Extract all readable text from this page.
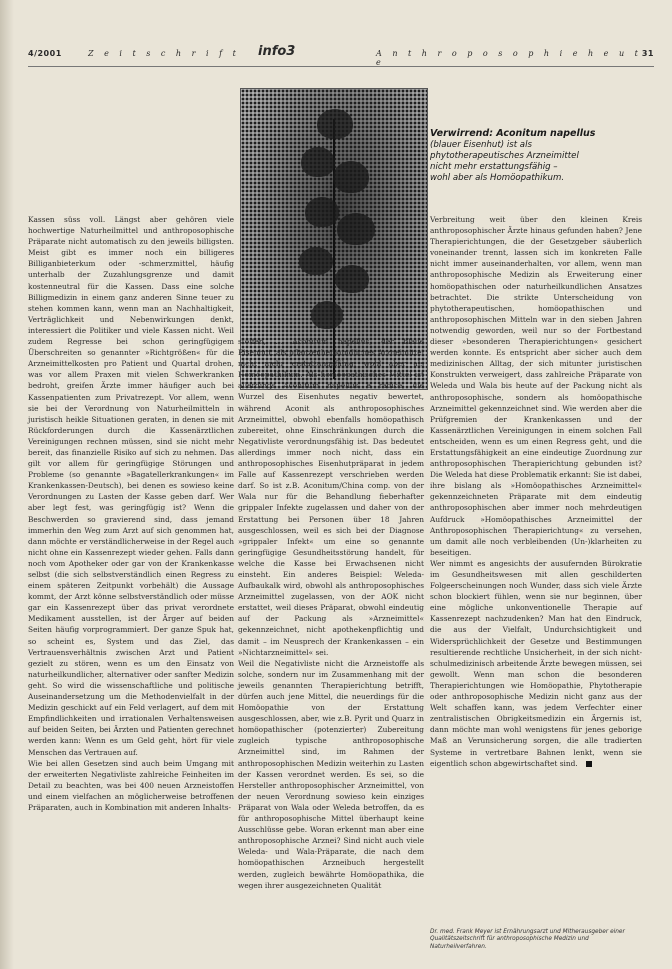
4/2001	Z e i t s c h r i f t info3	A n t h r o p o s o p h i e h e u t e
31
Verwirrend: Aconitum napellus
(blauer Eisenhut) ist als
phytotherapeutisches Arzneimittel
nicht mehr erstattungsfähig –
wohl aber als Homöopathikum.

Kassen süss voll. Längst aber gehören viele hochwertige Naturheilmittel und anthroposophische Präparate nicht automatisch zu den jeweils billigsten. Meist gibt es immer noch ein billigeres Billiganbieterkum oder -schmerzmittel, häufig unterhalb der Zuzahlungsgrenze und damit kostenneutral für die Kassen. Dass eine solche Billigmedizin in einem ganz anderen Sinne teuer zu stehen kommen kann, wenn man an Nachhaltigkeit, Verträglichkeit und Nebenwirkungen denkt, interessiert die Politiker und viele Kassen nicht. Weil zudem Regresse bei schon geringfügigem Überschreiten so genannter »Richtgrößen« für die Arzneimittelkosten pro Patient und Quartal drohen, was vor allem Praxen mit vielen Schwerkranken bedroht, greifen Ärzte immer häufiger auch bei Kassenpatienten zum Privatrezept. Vor allem, wenn sie bei der Verordnung von Naturheilmitteln in juristisch heikle Situationen geraten, in denen sie mit Rückforderungen durch die Kassenärztlichen Vereinigungen rechnen müssen, sind sie nicht mehr bereit, das finanzielle Risiko auf sich zu nehmen. Das gilt vor allem für geringfügige Störungen und Probleme (so genannte »Bagatellerkrankungen« im Krankenkassen-Deutsch), bei denen es sowieso keine Verordnungen zu Lasten der Kasse geben darf. Wer aber legt fest, was geringfügig ist? Wenn die Beschwerden so gravierend sind, dass jemand immerhin den Weg zum Arzt auf sich genommen hat, dann möchte er verständlicherweise in der Regel auch nicht ohne ein Kassenrezept wieder gehen. Falls dann noch vom Apotheker oder gar von der Krankenkasse selbst (die sich selbstverständlich einen Regress zu einem späteren Zeitpunkt vorbehält) die Aussage kommt, der Arzt könne selbstverständlich oder müsse gar ein Kassenrezept über das privat verordnete Medikament ausstellen, ist der Ärger auf beiden Seiten häufig vorprogrammiert. Der ganze Spuk hat, so scheint es, System und das Ziel, das Vertrauensverhältnis zwischen Arzt und Patient gezielt zu stören, wenn es um den Einsatz von naturheilkundlicher, alternativer oder sanfter Medizin geht. So wird die wissenschaftliche und politische Auseinandersetzung um die Methodenvielfalt in der Medizin geschickt auf ein Feld verlagert, auf dem mit Empfindlichkeiten und irrationalen Verhaltensweisen auf beiden Seiten, bei Ärzten und Patienten gerechnet werden kann: Wenn es um Geld geht, hört für viele Menschen das Vertrauen auf.
Wie bei allen Gesetzen sind auch beim Umgang mit der erweiterten Negativliste zahlreiche Feinheiten im Detail zu beachten, was bei 400 neuen Arzneistoffen und einem vielfachen an möglicherweise betroffenen Präparaten, auch in Kombination mit anderen Inhalts-

stoffen, … Aconitum napellus, der blaue Eisenhut, als pflanzenheilkundliches Arzneimittel nicht mehr erstattungsfähig, wohl aber als Homöopathikum. Als homöopathisches Mittel ist allerdings Aconitum napellus e radice, die Wurzel des Eisenhutes negativ bewertet, während Aconit als anthroposophisches Arzneimittel, obwohl ebenfalls homöopathisch zubereitet, ohne Einschränkungen durch die Negativliste verordnungsfähig ist. Das bedeutet allerdings immer noch nicht, dass ein anthroposophisches Eisenhutpräparat in jedem Falle auf Kassenrezept verschrieben werden darf. So ist z.B. Aconitum/China comp. von der Wala nur für die Behandlung fieberhafter grippaler Infekte zugelassen und daher von der Erstattung bei Personen über 18 Jahren ausgeschlossen, weil es sich bei der Diagnose »grippaler Infekt« um eine so genannte geringfügige Gesundheitsstörung handelt, für welche die Kasse bei Erwachsenen nicht einsteht. Ein anderes Beispiel: Weleda-Aufbaukalk wird, obwohl als anthroposophisches Arzneimittel zugelassen, von der AOK nicht erstattet, weil dieses Präparat, obwohl eindeutig auf der Packung als »Arzneimittel« gekennzeichnet, nicht apothekenpflichtig und damit – im Neusprech der Krankenkassen – ein »Nichtarzneimittel« sei.
Weil die Negativliste nicht die Arzneistoffe als solche, sondern nur im Zusammenhang mit der jeweils genannten Therapierichtung betrifft, dürfen auch jene Mittel, die neuerdings für die Homöopathie von der Erstattung ausgeschlossen, aber, wie z.B. Pyrit und Quarz in homöopathischer (potenzierter) Zubereitung zugleich typische anthroposophische Arzneimittel sind, im Rahmen der anthroposophischen Medizin weiterhin zu Lasten der Kassen verordnet werden. Es sei, so die Hersteller anthroposophischer Arzneimittel, von der neuen Verordnung sowieso kein einziges Präparat von Wala oder Weleda betroffen, da es für anthroposophische Mittel überhaupt keine Ausschlüsse gebe. Woran erkennt man aber eine anthroposophische Arznei? Sind nicht auch viele Weleda- und Wala-Präparate, die nach dem homöopathischen Arzneibuch hergestellt werden, zugleich bewährte Homöopathika, die wegen ihrer ausgezeichneten Qualität

Verbreitung weit über den kleinen Kreis anthroposophischer Ärzte hinaus gefunden haben? Jene Therapierichtungen, die der Gesetzgeber säuberlich voneinander trennt, lassen sich im konkreten Falle nicht immer auseinanderhalten, vor allem, wenn man anthroposophische Medizin als Erweiterung einer homöopathischen oder naturheilkundlichen Ansatzes betrachtet. Die strikte Unterscheidung von phytotherapeutischen, homöopathischen und anthroposophischen Mitteln war in den sieben Jahren notwendig geworden, weil nur so der Fortbestand dieser »besonderen Therapierichtungen« gesichert werden konnte. Es entspricht aber sicher auch dem medizinischen Alltag, der sich mitunter juristischen Konstrukten verweigert, dass zahlreiche Präparate von Weleda und Wala bis heute auf der Packung nicht als anthroposophische, sondern als homöopathische Arzneimittel gekennzeichnet sind. Wie werden aber die Prüfgremien der Krankenkassen und der Kassenärztlichen Vereinigungen in einem solchen Fall entscheiden, wenn es um einen Regress geht, und die Erstattungsfähigkeit an eine eindeutige Zuordnung zur anthroposophischen Therapierichtung gebunden ist? Die Weleda hat diese Problematik erkannt: Sie ist dabei, ihre bislang als »Homöopathisches Arzneimittel« gekennzeichneten Präparate mit dem eindeutig anthroposophischen aber immer noch mehrdeutigen Aufdruck »Homöopathisches Arzneimittel der Anthroposophischen Therapierichtung« zu versehen, um damit alle noch verbleibenden (Un-)klarheiten zu beseitigen.
Wer nimmt es angesichts der ausufernden Bürokratie im Gesundheitswesen mit allen geschilderten Folgeerscheinungen noch Wunder, dass sich viele Ärzte schon blockiert fühlen, wenn sie nur beginnen, über eine mögliche unkonventionelle Therapie auf Kassenrezept nachzudenken? Man hat den Eindruck, die aus der Vielfalt, Undurchsichtigkeit und Widersprüchlichkeit der Gesetze und Bestimmungen resultierende rechtliche Unsicherheit, in der sich nicht-schulmedizinisch arbeitende Ärzte bewegen müssen, sei gewollt. Wenn man schon die besonderen Therapierichtungen wie Homöopathie, Phytotherapie oder anthroposophische Medizin nicht ganz aus der Welt schaffen kann, was jedem Verfechter einer zentralistischen Obrigkeitsmedizin ein Ärgernis ist, dann möchte man wohl wenigstens für jenes geborige Maß an Verunsicherung sorgen, die alle tradierten Systeme in vertretbare Bahnen lenkt, wenn sie eigentlich schon abgewirtschaftet sind.

Dr. med. Frank Meyer ist Ernährungsarzt und Mitherausgeber einer Qualitätszeitschrift für anthroposophische Medizin und Naturheilverfahren.
